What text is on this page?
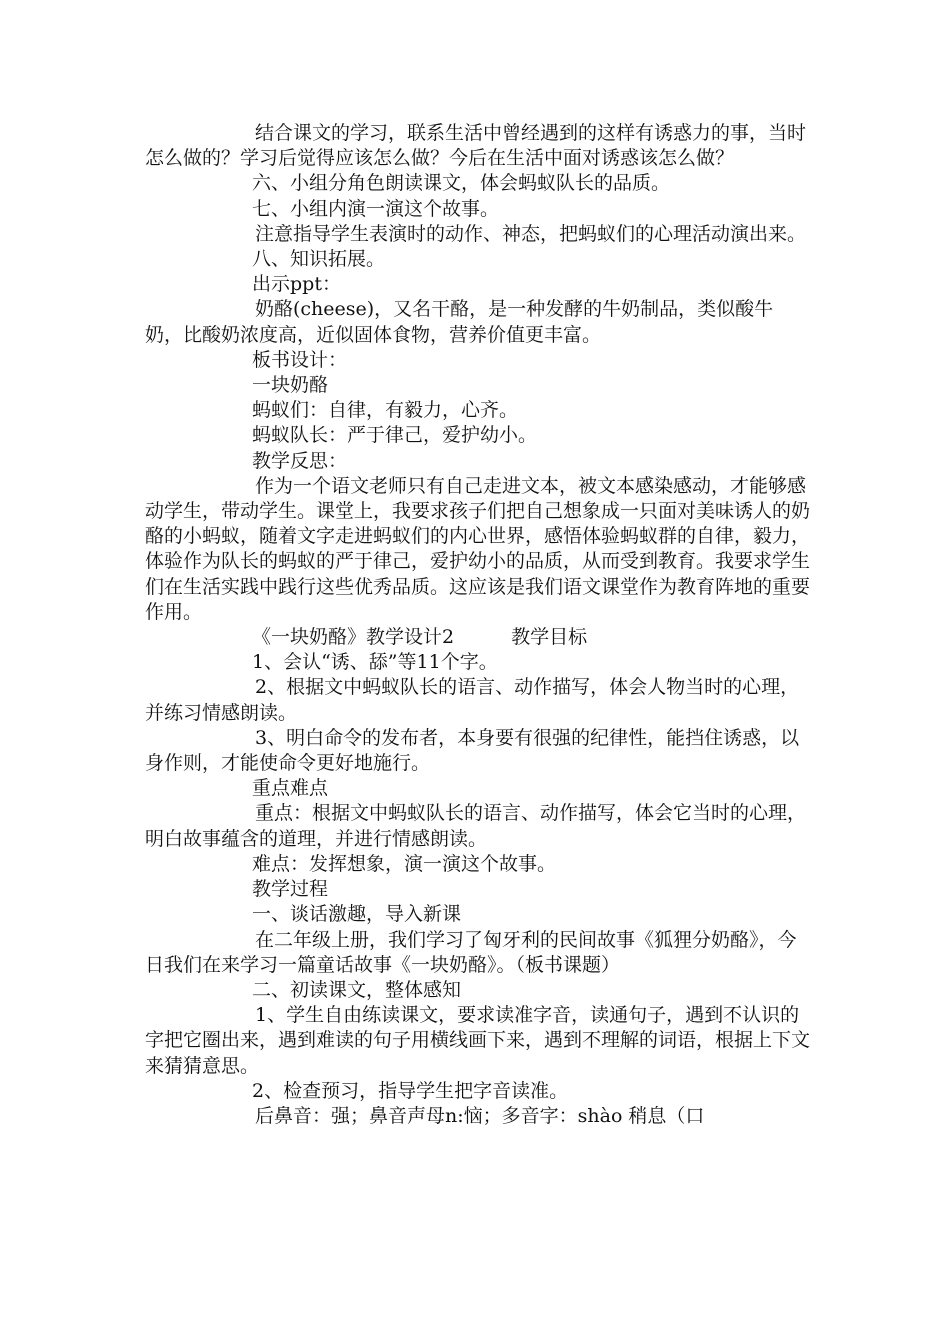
结合课文的学习，联系生活中曾经遇到的这样有诱惑力的事，当时怎么做的？学习后觉得应该怎么做？今后在生活中面对诱惑该怎么做？

六、小组分角色朗读课文，体会蚂蚁队长的品质。

七、小组内演一演这个故事。

注意指导学生表演时的动作、神态，把蚂蚁们的心理活动演出来。

八、知识拓展。

出示ppt：

奶酪(cheese)，又名干酪，是一种发酵的牛奶制品，类似酸牛奶，比酸奶浓度高，近似固体食物，营养价值更丰富。

板书设计：

一块奶酪

蚂蚁们：自律，有毅力，心齐。

蚂蚁队长：严于律己，爱护幼小。

教学反思：

作为一个语文老师只有自己走进文本，被文本感染感动，才能够感动学生，带动学生。课堂上，我要求孩子们把自己想象成一只面对美味诱人的奶酪的小蚂蚁，随着文字走进蚂蚁们的内心世界，感悟体验蚂蚁群的自律，毅力，体验作为队长的蚂蚁的严于律己，爱护幼小的品质，从而受到教育。我要求学生们在生活实践中践行这些优秀品质。这应该是我们语文课堂作为教育阵地的重要作用。

《一块奶酪》教学设计2　　　教学目标

1、会认“诱、舔”等11个字。

2、根据文中蚂蚁队长的语言、动作描写，体会人物当时的心理，并练习情感朗读。

3、明白命令的发布者，本身要有很强的纪律性，能挡住诱惑，以身作则，才能使命令更好地施行。

重点难点

重点：根据文中蚂蚁队长的语言、动作描写，体会它当时的心理，明白故事蕴含的道理，并进行情感朗读。

难点：发挥想象，演一演这个故事。

教学过程

一、谈话激趣，导入新课

在二年级上册，我们学习了匈牙利的民间故事《狐狸分奶酪》，今日我们在来学习一篇童话故事《一块奶酪》。（板书课题）

二、初读课文，整体感知

1、学生自由练读课文，要求读准字音，读通句子，遇到不认识的字把它圈出来，遇到难读的句子用横线画下来，遇到不理解的词语，根据上下文来猜猜意思。

2、检查预习，指导学生把字音读准。

后鼻音：强；鼻音声母n:恼；多音字：shào 稍息（口
